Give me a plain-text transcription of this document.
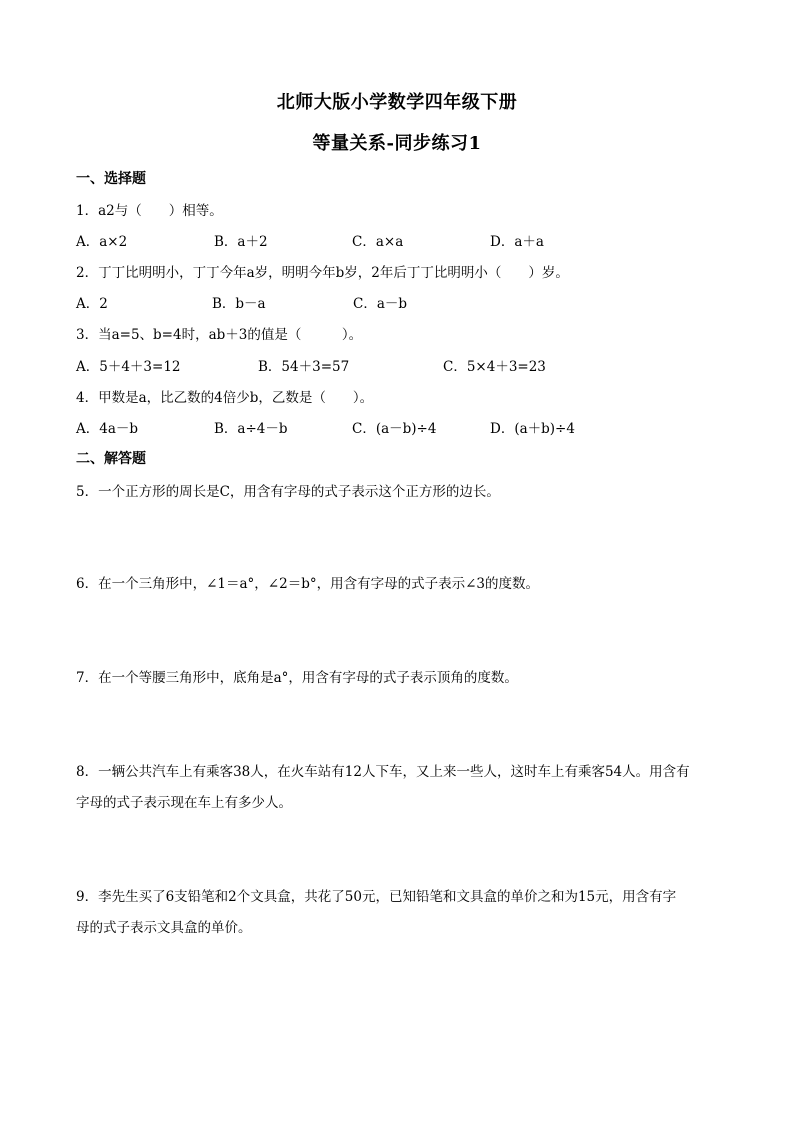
北师大版小学数学四年级下册
等量关系-同步练习1
一、选择题
1．a2与（　　）相等。
A．a×2	B．a＋2	C．a×a	D．a＋a
2．丁丁比明明小，丁丁今年a岁，明明今年b岁，2年后丁丁比明明小（　　）岁。
A．2	B．b－a	C．a－b
3．当a=5、b=4时，ab＋3的值是（　　　）。
A．5＋4＋3=12	B．54＋3=57	C．5×4＋3=23
4．甲数是a，比乙数的4倍少b，乙数是（　　）。
A．4a－b	B．a÷4－b	C．(a－b)÷4	D．(a＋b)÷4
二、解答题
5．一个正方形的周长是C，用含有字母的式子表示这个正方形的边长。
6．在一个三角形中，∠1＝a°，∠2＝b°，用含有字母的式子表示∠3的度数。
7．在一个等腰三角形中，底角是a°，用含有字母的式子表示顶角的度数。
8．一辆公共汽车上有乘客38人，在火车站有12人下车，又上来一些人，这时车上有乘客54人。用含有
字母的式子表示现在车上有多少人。
9．李先生买了6支铅笔和2个文具盒，共花了50元，已知铅笔和文具盒的单价之和为15元，用含有字
母的式子表示文具盒的单价。
